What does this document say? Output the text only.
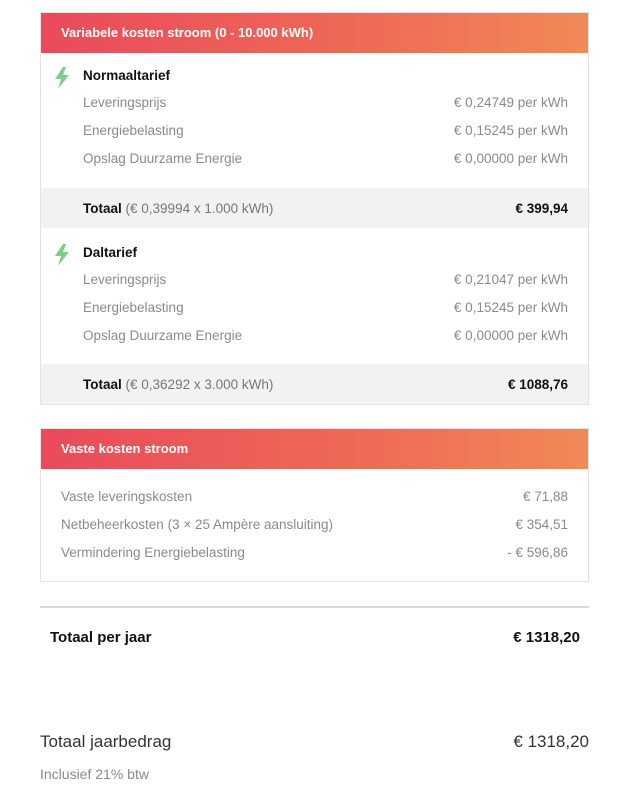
Variabele kosten stroom (0 - 10.000 kWh)
Normaaltarief
Leveringsprijs	€ 0,24749 per kWh
Energiebelasting	€ 0,15245 per kWh
Opslag Duurzame Energie	€ 0,00000 per kWh
Totaal (€ 0,39994 x 1.000 kWh)	€ 399,94
Daltarief
Leveringsprijs	€ 0,21047 per kWh
Energiebelasting	€ 0,15245 per kWh
Opslag Duurzame Energie	€ 0,00000 per kWh
Totaal (€ 0,36292 x 3.000 kWh)	€ 1088,76
Vaste kosten stroom
Vaste leveringskosten	€ 71,88
Netbeheerkosten (3 × 25 Ampère aansluiting)	€ 354,51
Vermindering Energiebelasting	- € 596,86
Totaal per jaar	€ 1318,20
Totaal jaarbedrag	€ 1318,20
Inclusief 21% btw
